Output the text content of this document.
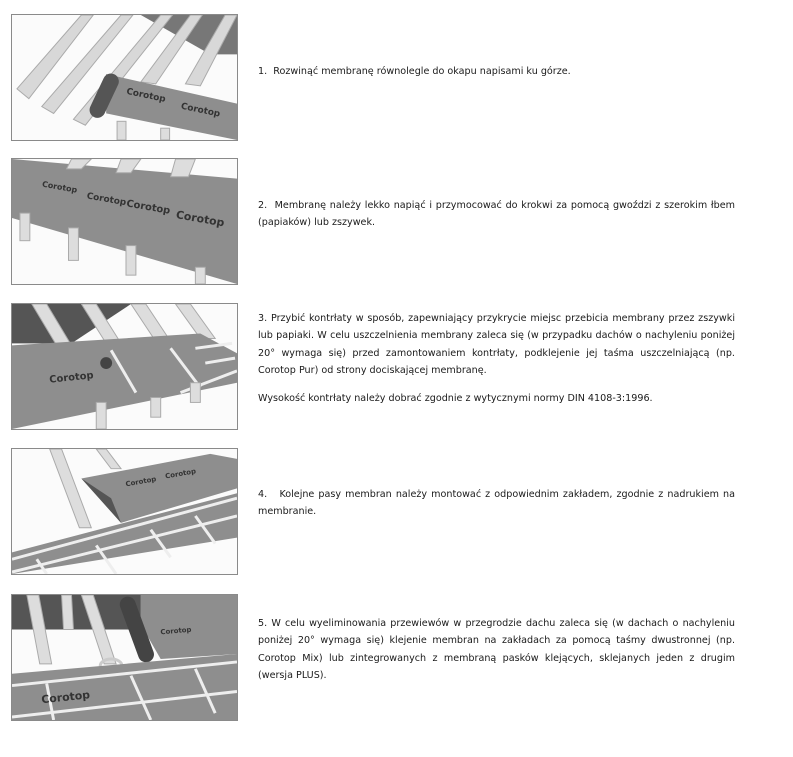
Corotop
Corotop

1. Rozwinąć membranę równolegle do okapu napisami ku górze.

Corotop
Corotop
Corotop
Corotop

2. Membranę należy lekko napiąć i przymocować do krokwi za pomocą gwoździ z szerokim łbem (papiaków) lub zszywek.

Corotop

3. Przybić kontrłaty w sposób, zapewniający przykrycie miejsc przebicia membrany przez zszywki lub papiaki. W celu uszczelnienia membrany zaleca się (w przypadku dachów o nachyleniu poniżej 20° wymaga się) przed zamontowaniem kontrłaty, podklejenie jej taśma uszczelniającą (np. Corotop Pur) od strony dociskającej membranę.

Wysokość kontrłaty należy dobrać zgodnie z wytycznymi normy DIN 4108-3:1996.

Corotop
Corotop

4. Kolejne pasy membran należy montować z odpowiednim zakładem, zgodnie z nadrukiem na membranie.

Corotop
Corotop

5. W celu wyeliminowania przewiewów w przegrodzie dachu zaleca się (w dachach o nachyleniu poniżej 20° wymaga się) klejenie membran na zakładach za pomocą taśmy dwustronnej (np. Corotop Mix) lub zintegrowanych z membraną pasków klejących, sklejanych jeden z drugim (wersja PLUS).
